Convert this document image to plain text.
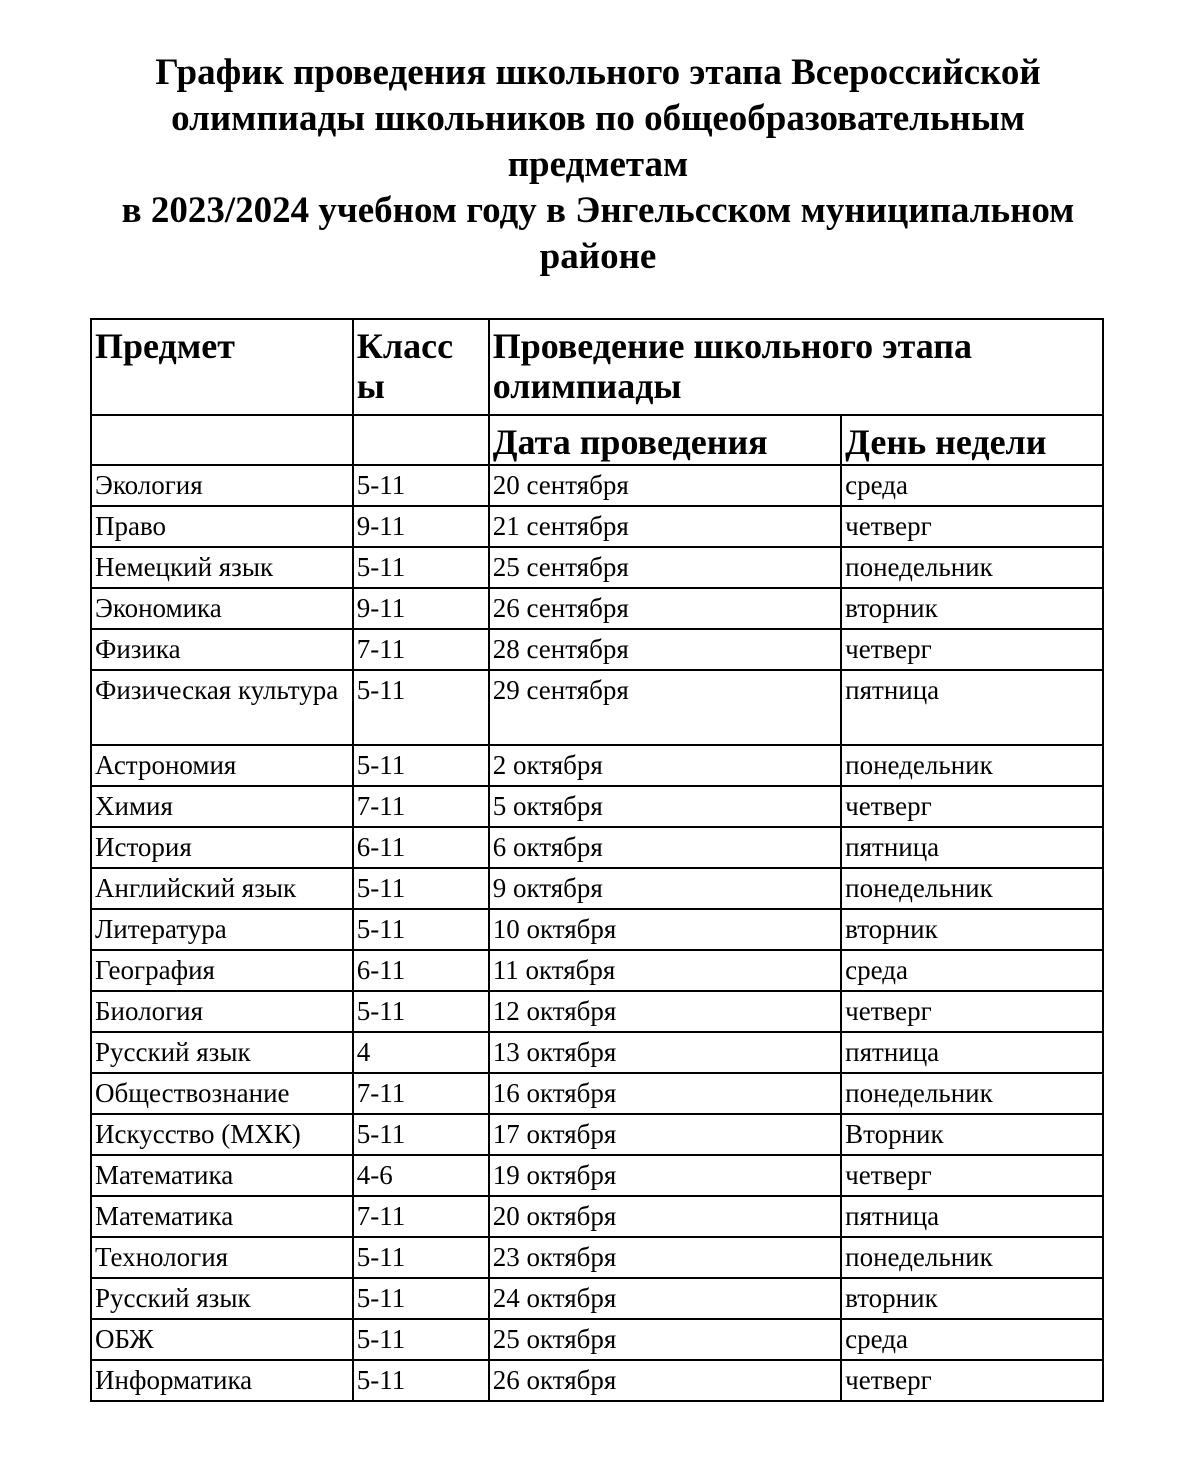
График проведения школьного этапа Всероссийской
олимпиады школьников по общеобразовательным
предметам
в 2023/2024 учебном году в Энгельсском муниципальном
районе
Предмет	Класс ы	Проведение школьного этапа олимпиады	
		Дата проведения	День недели
Экология	5-11	20 сентября	среда
Право	9-11	21 сентября	четверг
Немецкий язык	5-11	25 сентября	понедельник
Экономика	9-11	26 сентября	вторник
Физика	7-11	28 сентября	четверг
Физическая культура	5-11	29 сентября	пятница
Астрономия	5-11	2 октября	понедельник
Химия	7-11	5 октября	четверг
История	6-11	6 октября	пятница
Английский язык	5-11	9 октября	понедельник
Литература	5-11	10 октября	вторник
География	6-11	11 октября	среда
Биология	5-11	12 октября	четверг
Русский язык	4	13 октября	пятница
Обществознание	7-11	16 октября	понедельник
Искусство (МХК)	5-11	17 октября	Вторник
Математика	4-6	19 октября	четверг
Математика	7-11	20 октября	пятница
Технология	5-11	23 октября	понедельник
Русский язык	5-11	24 октября	вторник
ОБЖ	5-11	25 октября	среда
Информатика	5-11	26 октября	четверг
